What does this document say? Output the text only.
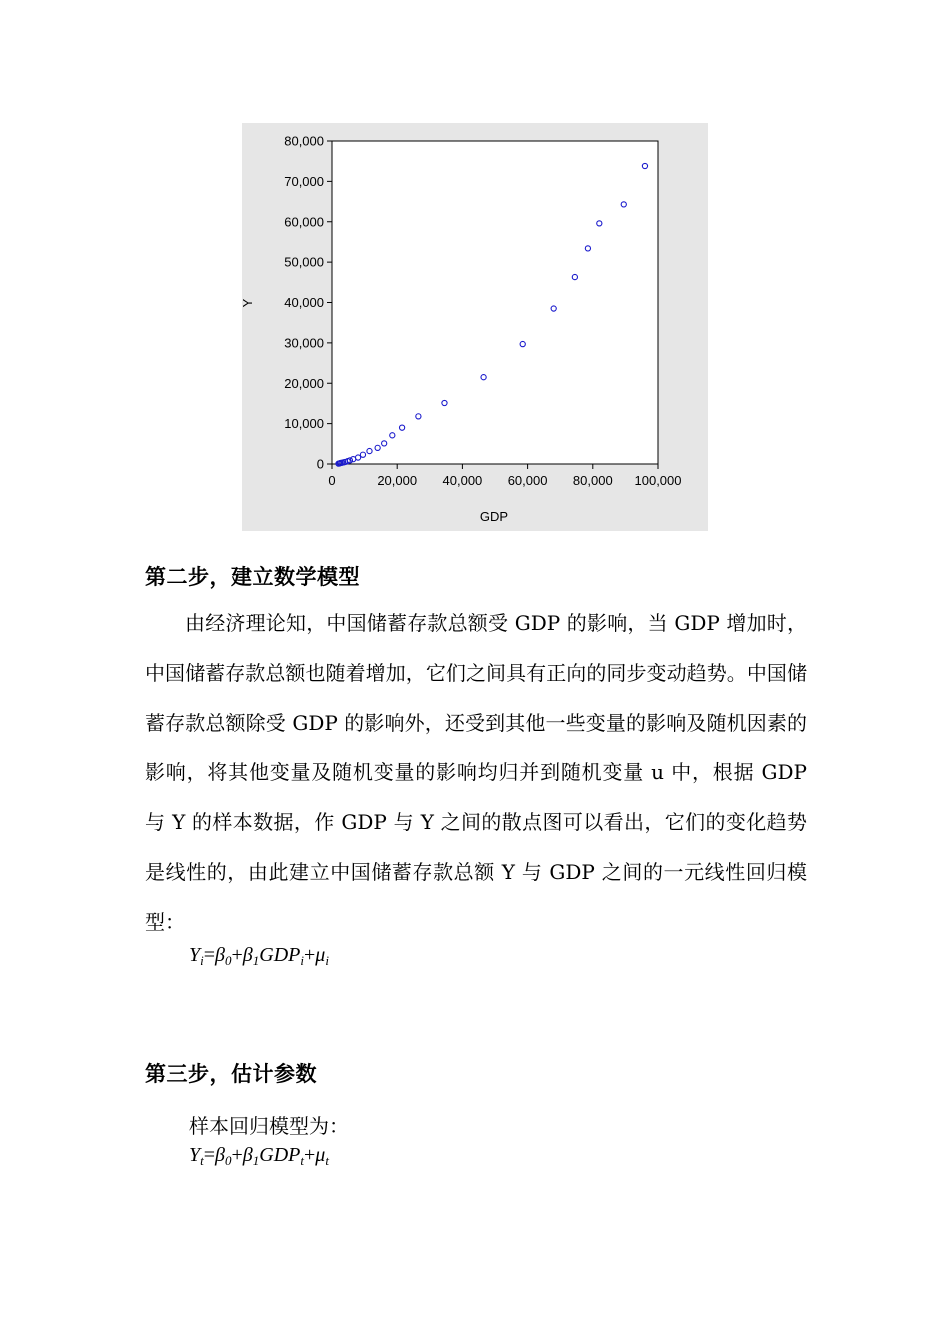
0
10,000
20,000
30,000
40,000
50,000
60,000
70,000
80,000
0	20,000 40,000 60,000 80,000 100,000
GDP
Y
第二步，建立数学模型

由经济理论知，中国储蓄存款总额受 GDP 的影响，当 GDP 增加时，中国储蓄存款总额也随着增加，它们之间具有正向的同步变动趋势。中国储蓄存款总额除受 GDP 的影响外，还受到其他一些变量的影响及随机因素的影响，将其他变量及随机变量的影响均归并到随机变量 u 中，根据 GDP 与 Y 的样本数据，作 GDP 与 Y 之间的散点图可以看出，它们的变化趋势是线性的，由此建立中国储蓄存款总额 Y 与 GDP 之间的一元线性回归模型：

$Y_i=\beta_0+\beta_1GDP_i+\mu_i$
第三步，估计参数
样本回归模型为：
$Y_t=\beta_0+\beta_1GDP_t+\mu_t$
